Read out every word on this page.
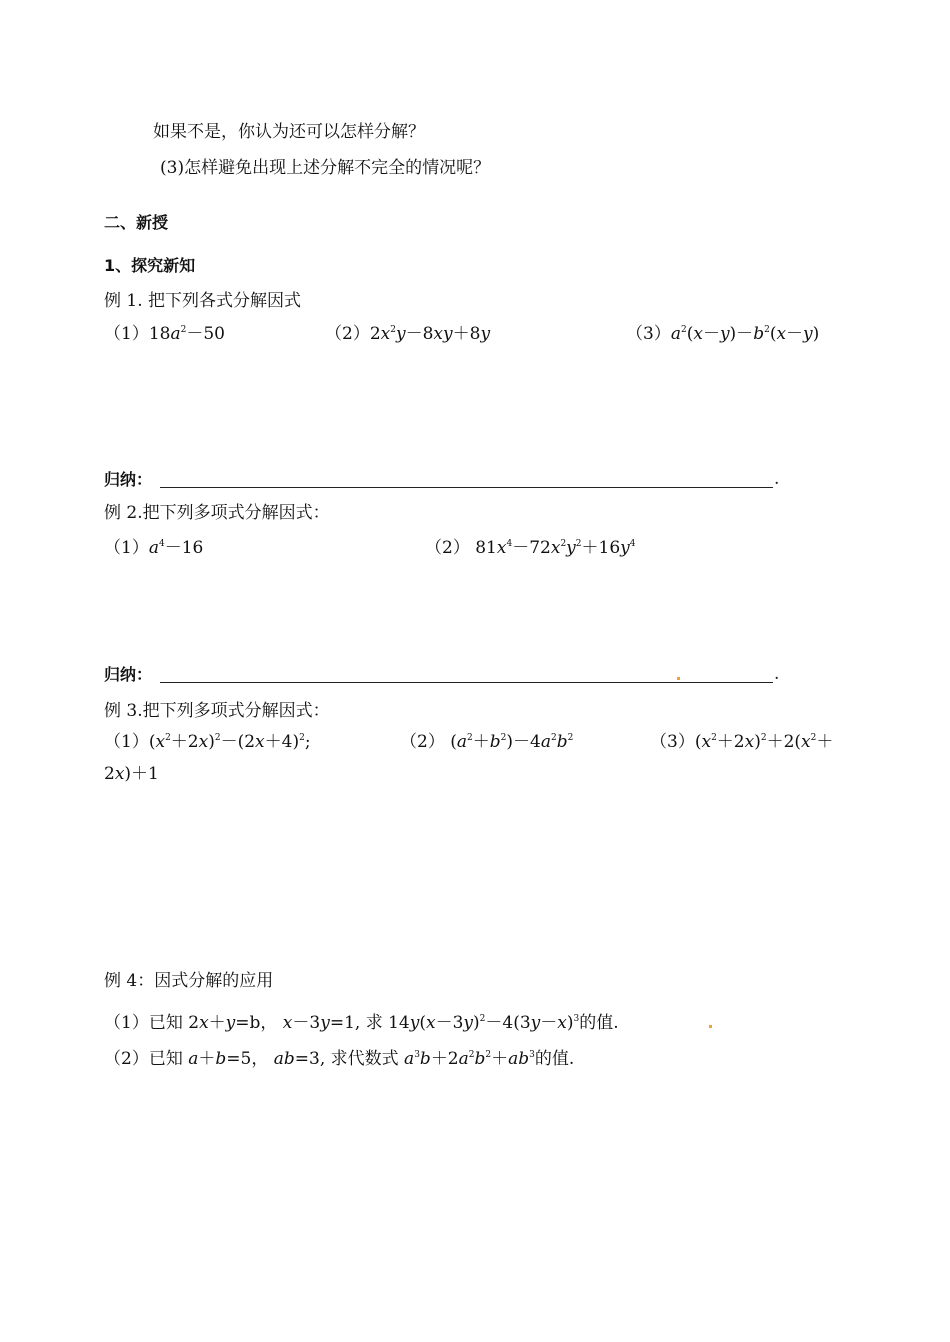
如果不是，你认为还可以怎样分解？
(3)怎样避免出现上述分解不完全的情况呢？
二、新授
1、探究新知
例 1. 把下列各式分解因式
$(1)18a^2-50$	$(2)2x^2y-8xy+8y$	$(3)a^2(x-y)-b^2(x-y)$
归纳：	.
例 2.把下列多项式分解因式：
$(1)a^4-16$	（2） $81x^4-72x^2y^2+16y^4$
归纳：	.
例 3.把下列多项式分解因式：
$(1)(x^2+2x)^2-(2x+4)^2$;	（2） $(a^2+b^2)-4a^2b^2$	$(3)(x^2+2x)^2+2(x^2+$
2x)＋1
例 4：因式分解的应用
（1）已知 2x＋y=b， x－3y=1, 求 $14y(x-3y)^2-4(3y-x)^3$的值.
（2）已知 a＋b=5， ab=3, 求代数式 $a^3b+2a^2b^2+ab^3$的值.
